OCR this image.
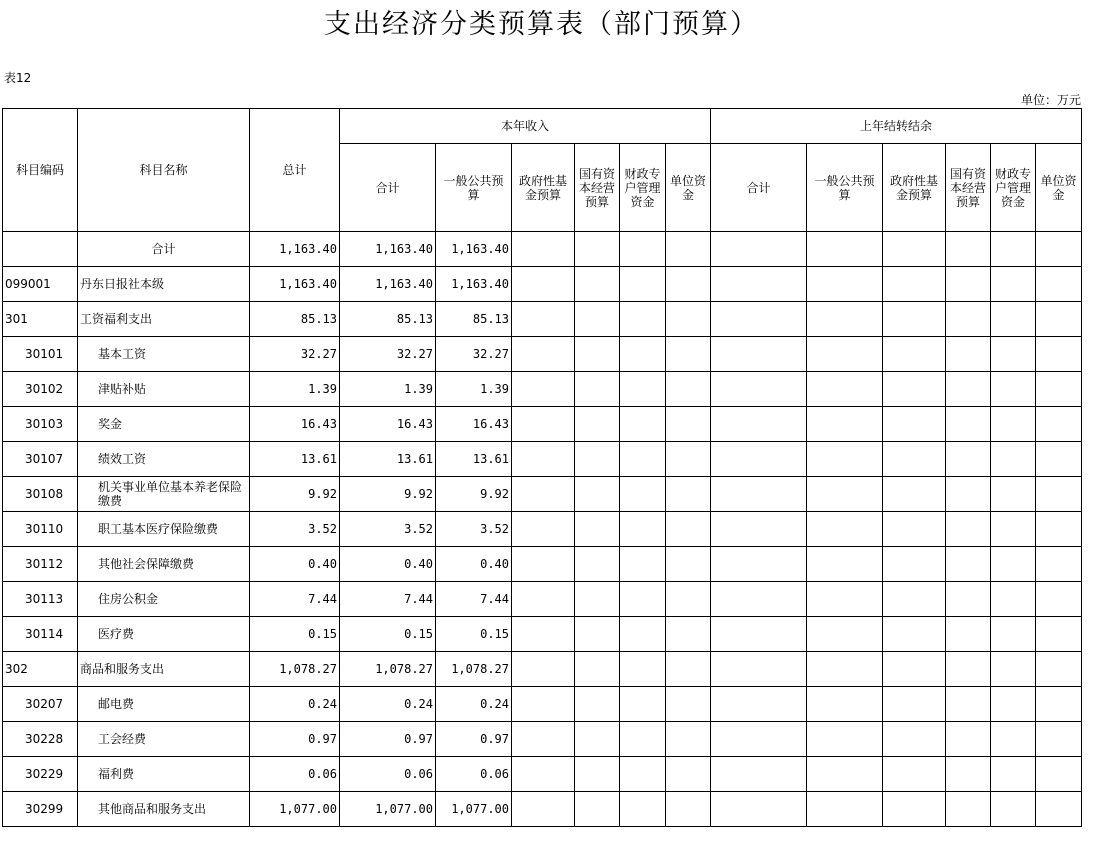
支出经济分类预算表（部门预算）
表12
单位：万元
科目编码	科目名称	总计	本年收入						上年结转结余					
			合计	一般公共预算	政府性基金预算	国有资本经营预算	财政专户管理资金	单位资金	合计	一般公共预算	政府性基金预算	国有资本经营预算	财政专户管理资金	单位资金
	合计	1,163.40	1,163.40	1,163.40										
099001	丹东日报社本级	1,163.40	1,163.40	1,163.40										
301	工资福利支出	85.13	85.13	85.13										
30101	基本工资	32.27	32.27	32.27										
30102	津贴补贴	1.39	1.39	1.39										
30103	奖金	16.43	16.43	16.43										
30107	绩效工资	13.61	13.61	13.61										
30108	机关事业单位基本养老保险缴费	9.92	9.92	9.92										
30110	职工基本医疗保险缴费	3.52	3.52	3.52										
30112	其他社会保障缴费	0.40	0.40	0.40										
30113	住房公积金	7.44	7.44	7.44										
30114	医疗费	0.15	0.15	0.15										
302	商品和服务支出	1,078.27	1,078.27	1,078.27										
30207	邮电费	0.24	0.24	0.24										
30228	工会经费	0.97	0.97	0.97										
30229	福利费	0.06	0.06	0.06										
30299	其他商品和服务支出	1,077.00	1,077.00	1,077.00										
